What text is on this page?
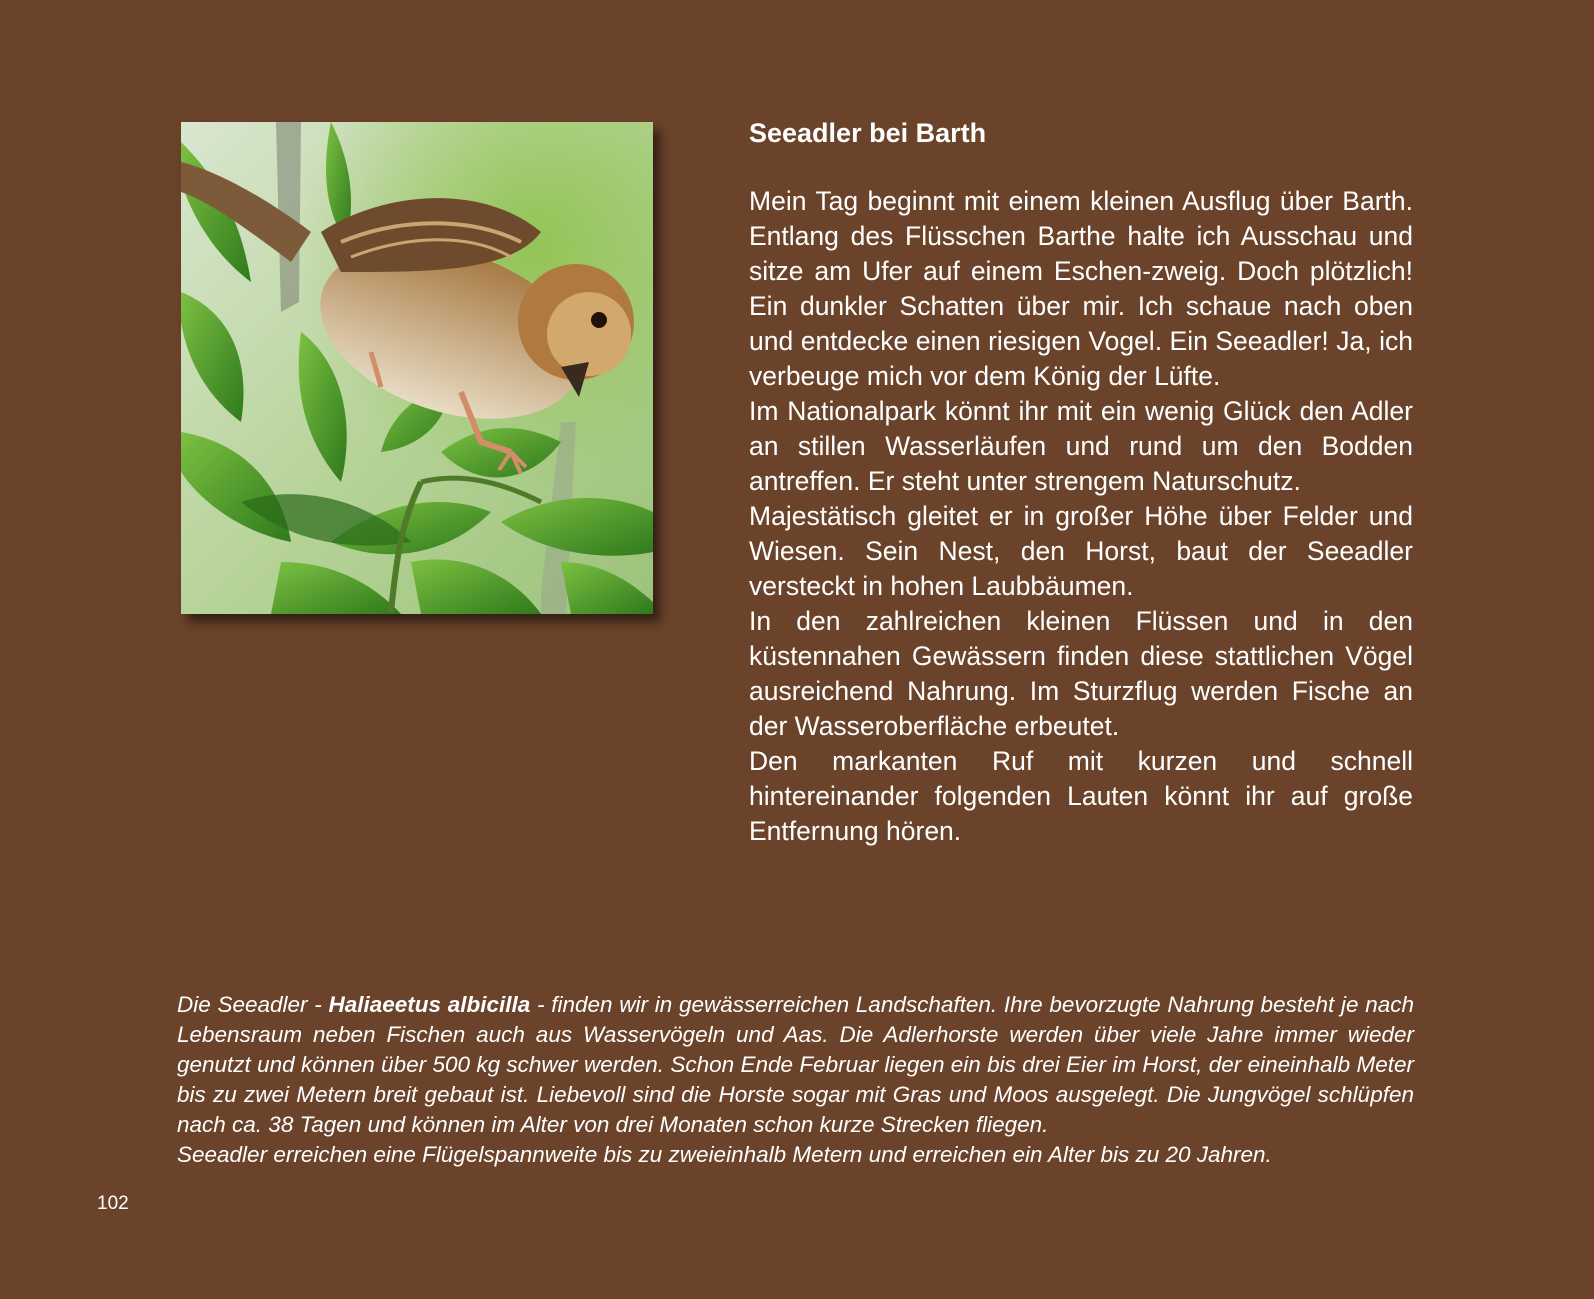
Seeadler bei Barth

Mein Tag beginnt mit einem kleinen Ausflug über Barth. Entlang des Flüsschen Barthe halte ich Ausschau und sitze am Ufer auf einem Eschen-zweig. Doch plötzlich! Ein dunkler Schatten über mir. Ich schaue nach oben und entdecke einen riesigen Vogel. Ein Seeadler! Ja, ich verbeuge mich vor dem König der Lüfte.

Im Nationalpark könnt ihr mit ein wenig Glück den Adler an stillen Wasserläufen und rund um den Bodden antreffen. Er steht unter strengem Naturschutz.

Majestätisch gleitet er in großer Höhe über Felder und Wiesen. Sein Nest, den Horst, baut der Seeadler versteckt in hohen Laubbäumen.

In den zahlreichen kleinen Flüssen und in den küstennahen Gewässern finden diese stattlichen Vögel ausreichend Nahrung. Im Sturzflug werden Fische an der Wasseroberfläche erbeutet.

Den markanten Ruf mit kurzen und schnell hintereinander folgenden Lauten könnt ihr auf große Entfernung hören.

Die Seeadler - Haliaeetus albicilla - finden wir in gewässerreichen Landschaften. Ihre bevorzugte Nahrung besteht je nach Lebensraum neben Fischen auch aus Wasservögeln und Aas. Die Adlerhorste werden über viele Jahre immer wieder genutzt und können über 500 kg schwer werden. Schon Ende Februar liegen ein bis drei Eier im Horst, der eineinhalb Meter bis zu zwei Metern breit gebaut ist. Liebevoll sind die Horste sogar mit Gras und Moos ausgelegt. Die Jungvögel schlüpfen nach ca. 38 Tagen und können im Alter von drei Monaten schon kurze Strecken fliegen.

Seeadler erreichen eine Flügelspannweite bis zu zweieinhalb Metern und erreichen ein Alter bis zu 20 Jahren.

102
